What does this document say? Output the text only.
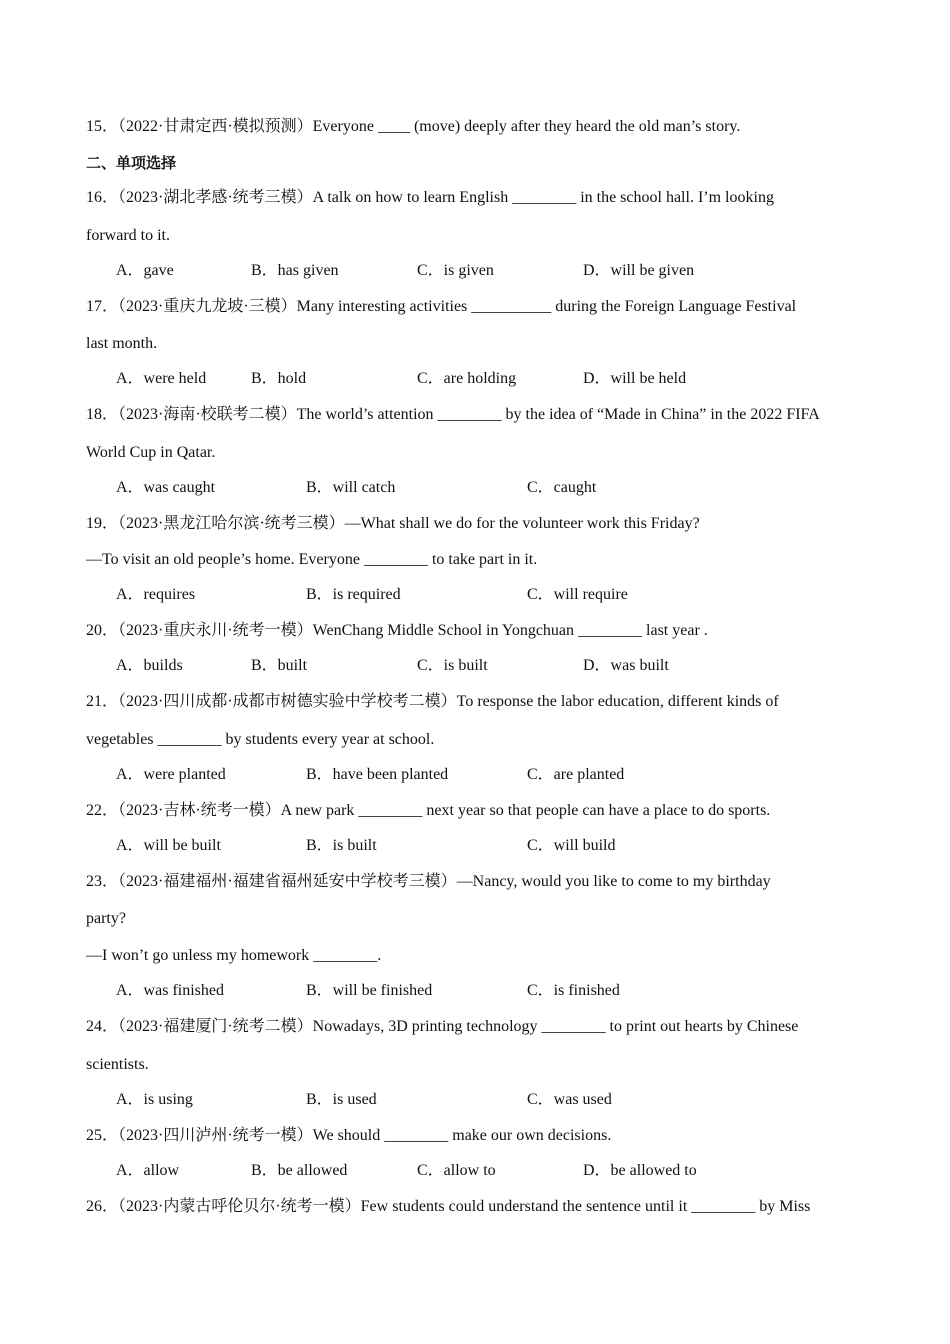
15．（2022·甘肃定西·模拟预测）Everyone ____ (move) deeply after they heard the old man’s story.
二、单项选择
16．（2023·湖北孝感·统考三模）A talk on how to learn English ________ in the school hall. I’m looking
forward to it.
A．gave	B．has given	C．is given	D．will be given
17．（2023·重庆九龙坡·三模）Many interesting activities __________ during the Foreign Language Festival
last month.
A．were held	B．hold	C．are holding	D．will be held
18．（2023·海南·校联考二模）The world’s attention ________ by the idea of “Made in China” in the 2022 FIFA
World Cup in Qatar.
A．was caught	B．will catch	C．caught
19．（2023·黑龙江哈尔滨·统考三模）—What shall we do for the volunteer work this Friday?
—To visit an old people’s home. Everyone ________ to take part in it.
A．requires	B．is required	C．will require
20．（2023·重庆永川·统考一模）WenChang Middle School in Yongchuan ________ last year .
A．builds	B．built	C．is built	D．was built
21．（2023·四川成都·成都市树德实验中学校考二模）To response the labor education, different kinds of
vegetables ________ by students every year at school.
A．were planted	B．have been planted	C．are planted
22．（2023·吉林·统考一模）A new park ________ next year so that people can have a place to do sports.
A．will be built	B．is built	C．will build
23．（2023·福建福州·福建省福州延安中学校考三模）—Nancy, would you like to come to my birthday
party?
—I won’t go unless my homework ________.
A．was finished	B．will be finished	C．is finished
24．（2023·福建厦门·统考二模）Nowadays, 3D printing technology ________ to print out hearts by Chinese
scientists.
A．is using	B．is used	C．was used
25．（2023·四川泸州·统考一模）We should ________ make our own decisions.
A．allow	B．be allowed	C．allow to	D．be allowed to
26．（2023·内蒙古呼伦贝尔·统考一模）Few students could understand the sentence until it ________ by Miss
